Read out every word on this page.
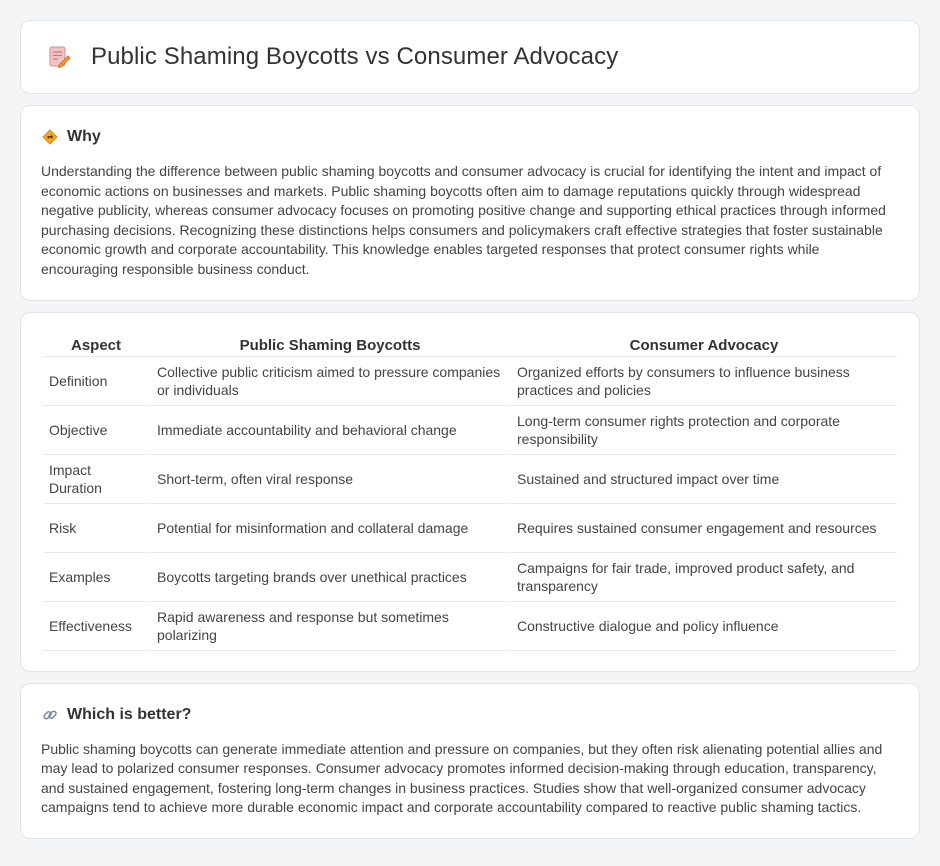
Public Shaming Boycotts vs Consumer Advocacy
Why

Understanding the difference between public shaming boycotts and consumer advocacy is crucial for identifying the intent and impact of economic actions on businesses and markets. Public shaming boycotts often aim to damage reputations quickly through widespread negative publicity, whereas consumer advocacy focuses on promoting positive change and supporting ethical practices through informed purchasing decisions. Recognizing these distinctions helps consumers and policymakers craft effective strategies that foster sustainable economic growth and corporate accountability. This knowledge enables targeted responses that protect consumer rights while encouraging responsible business conduct.

Aspect	Public Shaming Boycotts	Consumer Advocacy
Definition	Collective public criticism aimed to pressure companies or individuals	Organized efforts by consumers to influence business practices and policies
Objective	Immediate accountability and behavioral change	Long-term consumer rights protection and corporate responsibility
Impact Duration	Short-term, often viral response	Sustained and structured impact over time
Risk	Potential for misinformation and collateral damage	Requires sustained consumer engagement and resources
Examples	Boycotts targeting brands over unethical practices	Campaigns for fair trade, improved product safety, and transparency
Effectiveness	Rapid awareness and response but sometimes polarizing	Constructive dialogue and policy influence
Which is better?

Public shaming boycotts can generate immediate attention and pressure on companies, but they often risk alienating potential allies and may lead to polarized consumer responses. Consumer advocacy promotes informed decision-making through education, transparency, and sustained engagement, fostering long-term changes in business practices. Studies show that well-organized consumer advocacy campaigns tend to achieve more durable economic impact and corporate accountability compared to reactive public shaming tactics.
